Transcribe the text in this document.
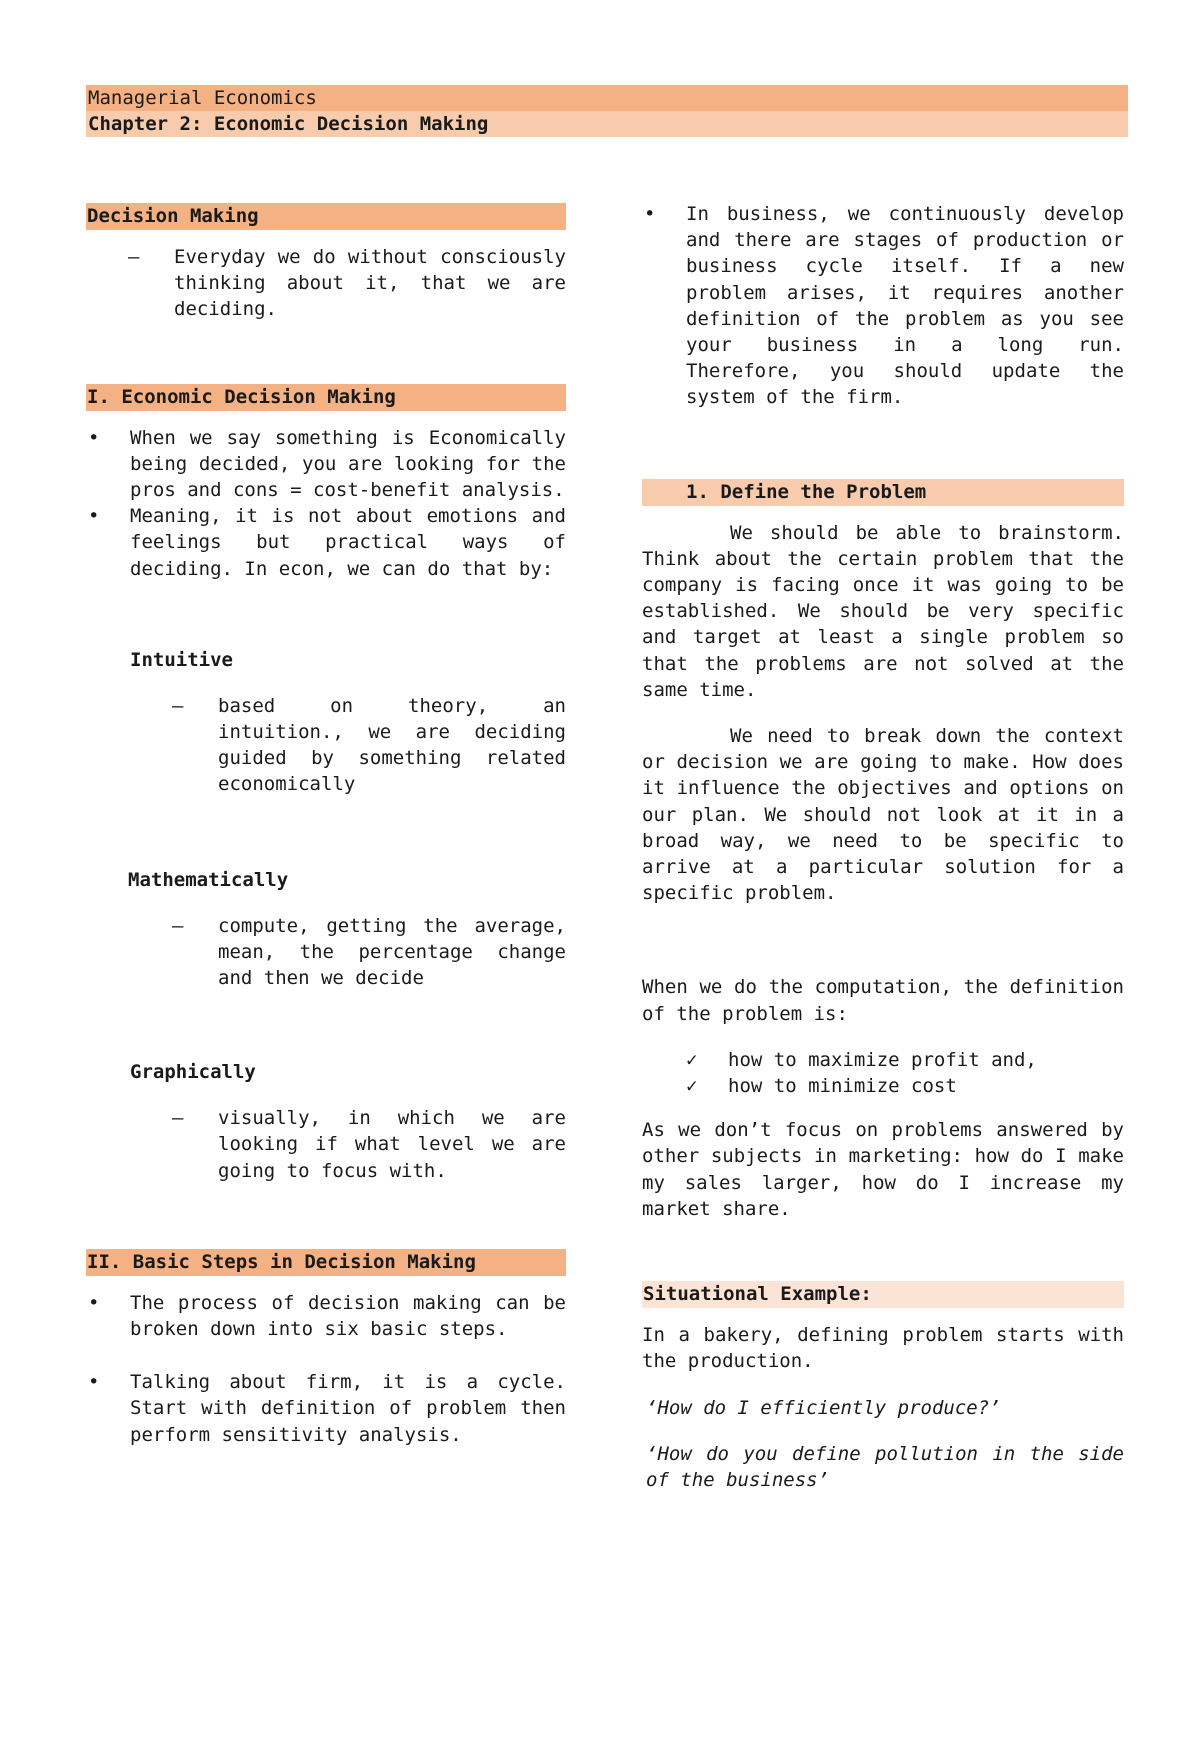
Managerial Economics
Chapter 2: Economic Decision Making
Decision Making
– Everyday we do without consciously thinking about it, that we are deciding.
I. Economic Decision Making
• When we say something is Economically being decided, you are looking for the pros and cons = cost-benefit analysis.
• Meaning, it is not about emotions and feelings but practical ways of deciding. In econ, we can do that by:
Intuitive
– based on theory, an intuition., we are deciding guided by something related economically
Mathematically
– compute, getting the average, mean, the percentage change and then we decide
Graphically
– visually, in which we are looking if what level we are going to focus with.
II. Basic Steps in Decision Making
• The process of decision making can be broken down into six basic steps.
• Talking about firm, it is a cycle. Start with definition of problem then perform sensitivity analysis.
• In business, we continuously develop and there are stages of production or business cycle itself. If a new problem arises, it requires another definition of the problem as you see your business in a long run. Therefore, you should update the system of the firm.
1. Define the Problem

We should be able to brainstorm. Think about the certain problem that the company is facing once it was going to be established. We should be very specific and target at least a single problem so that the problems are not solved at the same time.

We need to break down the context or decision we are going to make. How does it influence the objectives and options on our plan. We should not look at it in a broad way, we need to be specific to arrive at a particular solution for a specific problem.

When we do the computation, the definition of the problem is:

✓ how to maximize profit and,
✓ how to minimize cost

As we don’t focus on problems answered by other subjects in marketing: how do I make my sales larger, how do I increase my market share.

Situational Example:

In a bakery, defining problem starts with the production.

‘How do I efficiently produce?’

‘How do you define pollution in the side of the business’
